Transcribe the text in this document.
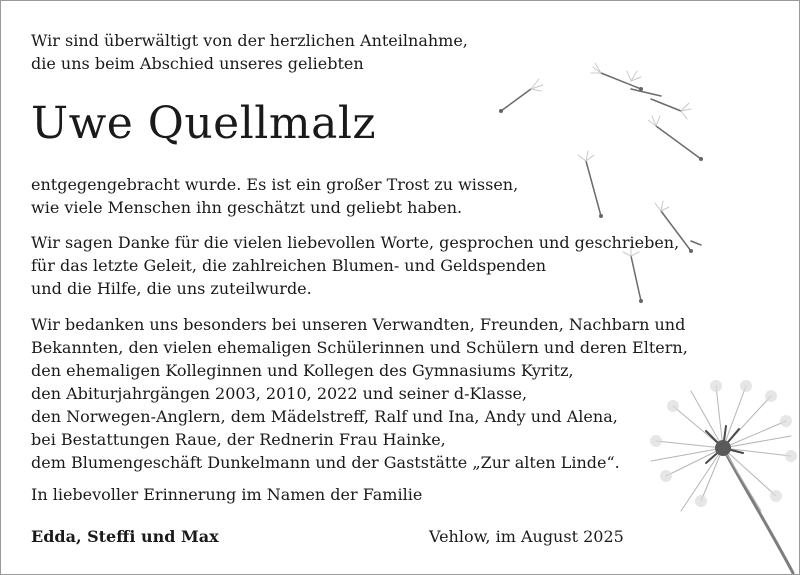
Wir sind überwältigt von der herzlichen Anteilnahme,
die uns beim Abschied unseres geliebten
Uwe Quellmalz
entgegengebracht wurde. Es ist ein großer Trost zu wissen,
wie viele Menschen ihn geschätzt und geliebt haben.
Wir sagen Danke für die vielen liebevollen Worte, gesprochen und geschrieben,
für das letzte Geleit, die zahlreichen Blumen- und Geldspenden
und die Hilfe, die uns zuteilwurde.
Wir bedanken uns besonders bei unseren Verwandten, Freunden, Nachbarn und
Bekannten, den vielen ehemaligen Schülerinnen und Schülern und deren Eltern,
den ehemaligen Kolleginnen und Kollegen des Gymnasiums Kyritz,
den Abiturjahrgängen 2003, 2010, 2022 und seiner d-Klasse,
den Norwegen-Anglern, dem Mädelstreff, Ralf und Ina, Andy und Alena,
bei Bestattungen Raue, der Rednerin Frau Hainke,
dem Blumengeschäft Dunkelmann und der Gaststätte „Zur alten Linde“.
In liebevoller Erinnerung im Namen der Familie
Edda, Steffi und Max	Vehlow, im August 2025
